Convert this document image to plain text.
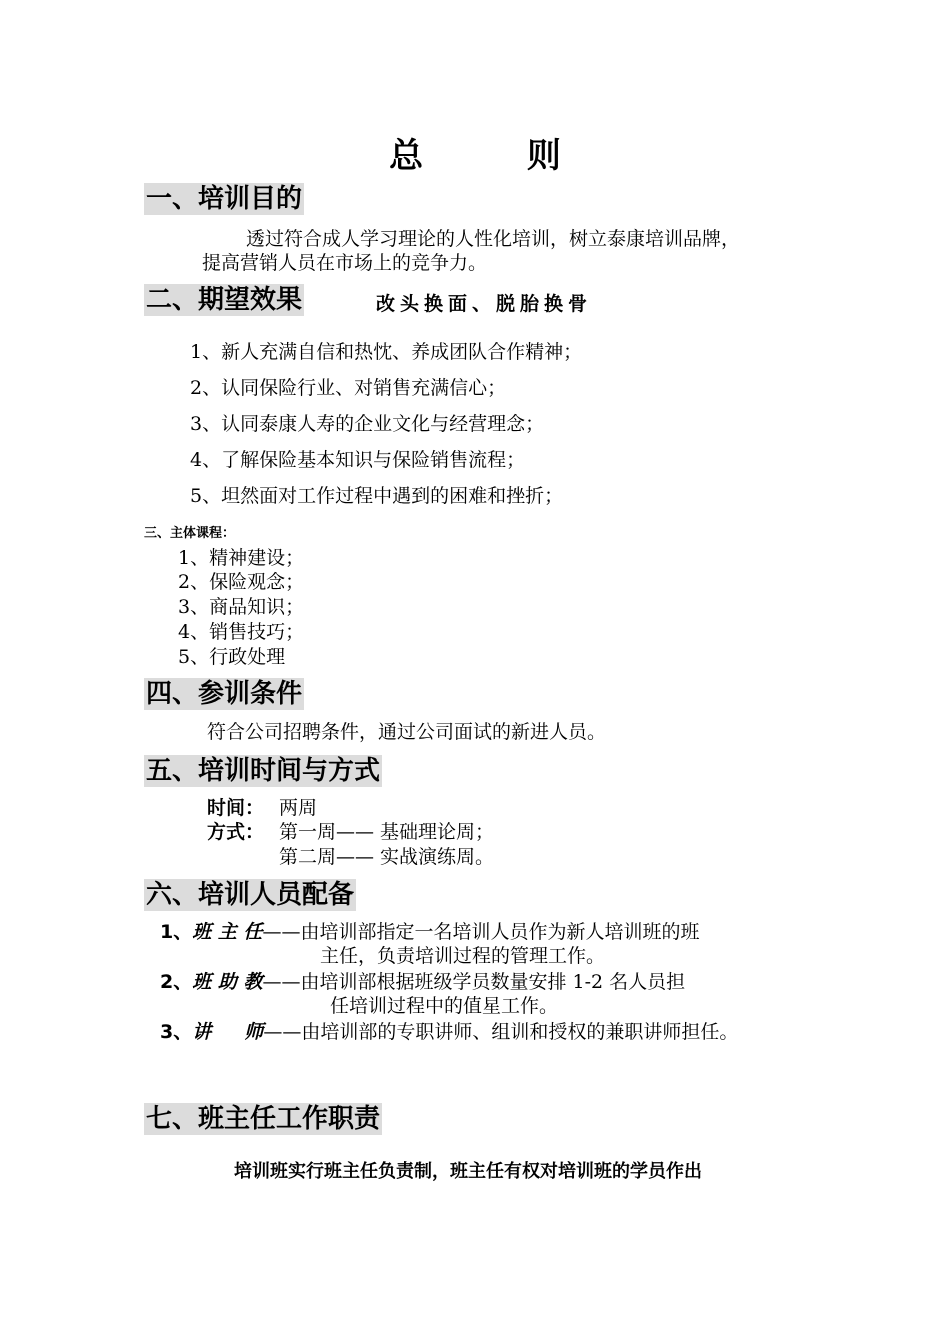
总 则
一、培训目的
透过符合成人学习理论的人性化培训，树立泰康培训品牌，
提高营销人员在市场上的竞争力。
二、期望效果	改头换面、脱胎换骨
1、新人充满自信和热忱、养成团队合作精神；
2、认同保险行业、对销售充满信心；
3、认同泰康人寿的企业文化与经营理念；
4、了解保险基本知识与保险销售流程；
5、坦然面对工作过程中遇到的困难和挫折；
三、主体课程：
1、精神建设；
2、保险观念；
3、商品知识；
4、销售技巧；
5、行政处理
四、参训条件
符合公司招聘条件，通过公司面试的新进人员。
五、培训时间与方式
时间： 两周
方式： 第一周—— 基础理论周；
第二周—— 实战演练周。
六、培训人员配备
1、班 主 任——由培训部指定一名培训人员作为新人培训班的班
主任，负责培训过程的管理工作。
2、班 助 教——由培训部根据班级学员数量安排 1-2 名人员担
任培训过程中的值星工作。
3、讲     师——由培训部的专职讲师、组训和授权的兼职讲师担任。
七、班主任工作职责
培训班实行班主任负责制，班主任有权对培训班的学员作出
